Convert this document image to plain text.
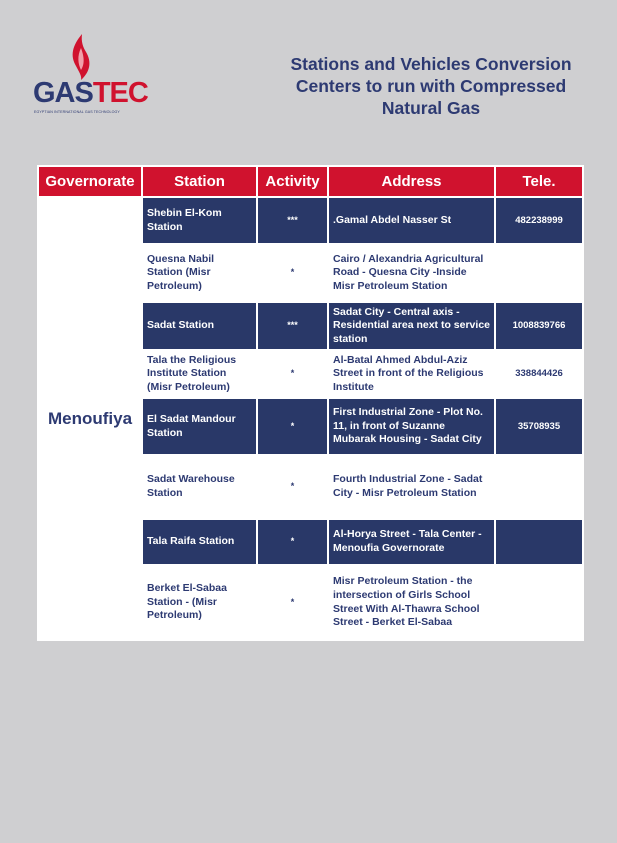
GASTEC
EGYPTIAN INTERNATIONAL GAS TECHNOLOGY
Stations and Vehicles Conversion
Centers to run with Compressed
Natural Gas
Governorate	Station	Activity	Address	Tele.
Menoufiya	Shebin El-Kom Station	***	.Gamal Abdel Nasser St	482238999
	Quesna Nabil Station (Misr Petroleum)	*	Cairo / Alexandria Agricultural Road - Quesna City -Inside Misr Petroleum Station	
	Sadat Station	***	Sadat City - Central axis - Residential area next to service station	1008839766
	Tala the Religious Institute Station (Misr Petroleum)	*	Al-Batal Ahmed Abdul-Aziz Street in front of the Religious Institute	338844426
	El Sadat Mandour Station	*	First Industrial Zone - Plot No. 11, in front of Suzanne Mubarak Housing - Sadat City	35708935
	Sadat Warehouse Station	*	Fourth Industrial Zone - Sadat City - Misr Petroleum Station	
	Tala Raifa Station	*	Al-Horya Street - Tala Center - Menoufia Governorate	
	Berket El-Sabaa Station - (Misr Petroleum)	*	Misr Petroleum Station - the intersection of Girls School Street With Al-Thawra School Street - Berket El-Sabaa	
